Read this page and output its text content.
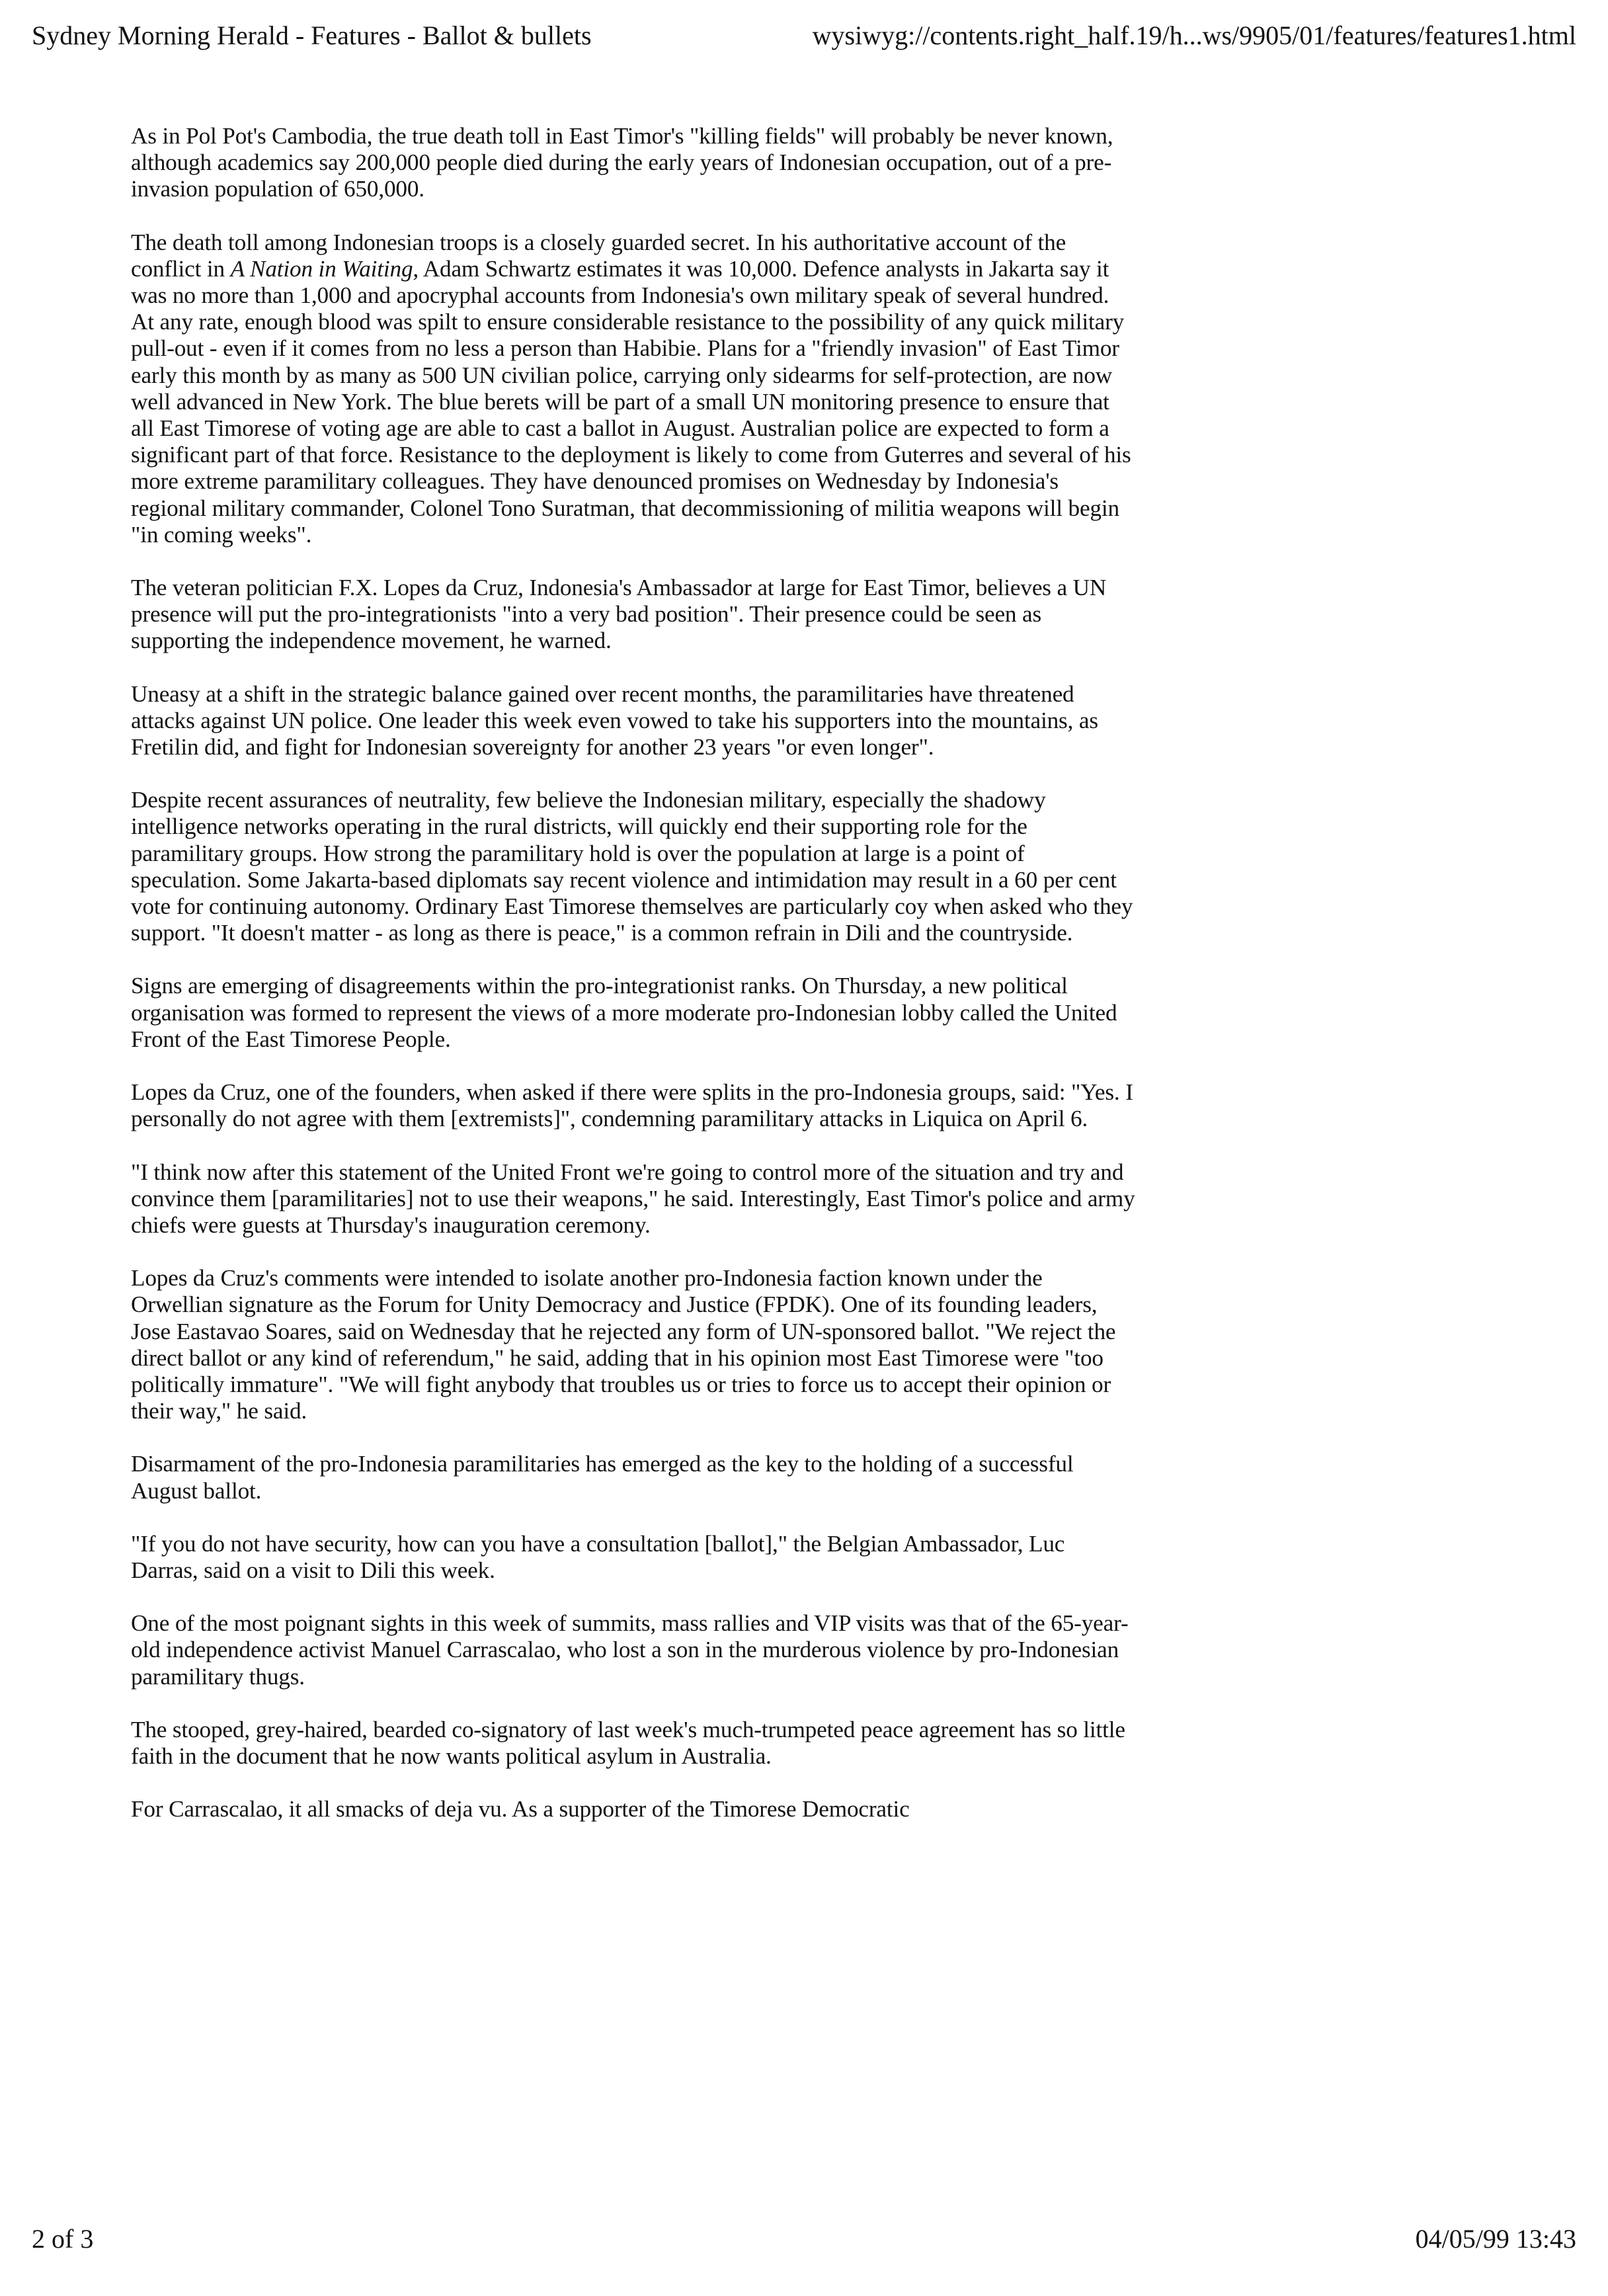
Sydney Morning Herald - Features - Ballot & bullets	wysiwyg://contents.right_half.19/h...ws/9905/01/features/features1.html

As in Pol Pot's Cambodia, the true death toll in East Timor's "killing fields" will probably be never known, although academics say 200,000 people died during the early years of Indonesian occupation, out of a pre-invasion population of 650,000.

The death toll among Indonesian troops is a closely guarded secret. In his authoritative account of the conflict in A Nation in Waiting, Adam Schwartz estimates it was 10,000. Defence analysts in Jakarta say it was no more than 1,000 and apocryphal accounts from Indonesia's own military speak of several hundred. At any rate, enough blood was spilt to ensure considerable resistance to the possibility of any quick military pull-out - even if it comes from no less a person than Habibie. Plans for a "friendly invasion" of East Timor early this month by as many as 500 UN civilian police, carrying only sidearms for self-protection, are now well advanced in New York. The blue berets will be part of a small UN monitoring presence to ensure that all East Timorese of voting age are able to cast a ballot in August. Australian police are expected to form a significant part of that force. Resistance to the deployment is likely to come from Guterres and several of his more extreme paramilitary colleagues. They have denounced promises on Wednesday by Indonesia's regional military commander, Colonel Tono Suratman, that decommissioning of militia weapons will begin "in coming weeks".

The veteran politician F.X. Lopes da Cruz, Indonesia's Ambassador at large for East Timor, believes a UN presence will put the pro-integrationists "into a very bad position". Their presence could be seen as supporting the independence movement, he warned.

Uneasy at a shift in the strategic balance gained over recent months, the paramilitaries have threatened attacks against UN police. One leader this week even vowed to take his supporters into the mountains, as Fretilin did, and fight for Indonesian sovereignty for another 23 years "or even longer".

Despite recent assurances of neutrality, few believe the Indonesian military, especially the shadowy intelligence networks operating in the rural districts, will quickly end their supporting role for the paramilitary groups. How strong the paramilitary hold is over the population at large is a point of speculation. Some Jakarta-based diplomats say recent violence and intimidation may result in a 60 per cent vote for continuing autonomy. Ordinary East Timorese themselves are particularly coy when asked who they support. "It doesn't matter - as long as there is peace," is a common refrain in Dili and the countryside.

Signs are emerging of disagreements within the pro-integrationist ranks. On Thursday, a new political organisation was formed to represent the views of a more moderate pro-Indonesian lobby called the United Front of the East Timorese People.

Lopes da Cruz, one of the founders, when asked if there were splits in the pro-Indonesia groups, said: "Yes. I personally do not agree with them [extremists]", condemning paramilitary attacks in Liquica on April 6.

"I think now after this statement of the United Front we're going to control more of the situation and try and convince them [paramilitaries] not to use their weapons," he said. Interestingly, East Timor's police and army chiefs were guests at Thursday's inauguration ceremony.

Lopes da Cruz's comments were intended to isolate another pro-Indonesia faction known under the Orwellian signature as the Forum for Unity Democracy and Justice (FPDK). One of its founding leaders, Jose Eastavao Soares, said on Wednesday that he rejected any form of UN-sponsored ballot. "We reject the direct ballot or any kind of referendum," he said, adding that in his opinion most East Timorese were "too politically immature". "We will fight anybody that troubles us or tries to force us to accept their opinion or their way," he said.

Disarmament of the pro-Indonesia paramilitaries has emerged as the key to the holding of a successful August ballot.

"If you do not have security, how can you have a consultation [ballot]," the Belgian Ambassador, Luc Darras, said on a visit to Dili this week.

One of the most poignant sights in this week of summits, mass rallies and VIP visits was that of the 65-year-old independence activist Manuel Carrascalao, who lost a son in the murderous violence by pro-Indonesian paramilitary thugs.

The stooped, grey-haired, bearded co-signatory of last week's much-trumpeted peace agreement has so little faith in the document that he now wants political asylum in Australia.

For Carrascalao, it all smacks of deja vu. As a supporter of the Timorese Democratic

2 of 3	04/05/99 13:43
